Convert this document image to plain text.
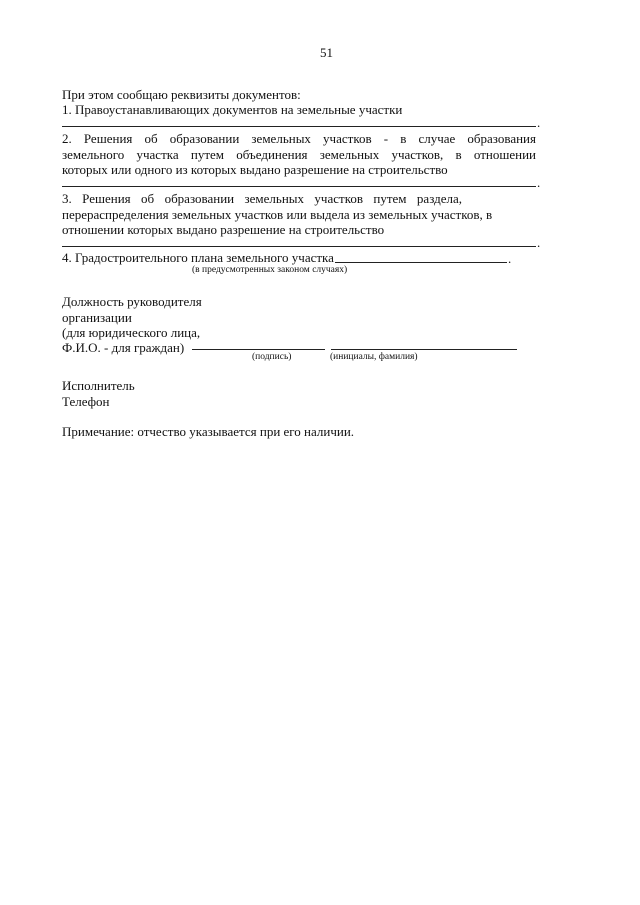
51
При этом сообщаю реквизиты документов:
1. Правоустанавливающих документов на земельные участки
.
2. Решения об образовании земельных участков - в случае образования
земельного участка путем объединения земельных участков, в отношении
которых или одного из которых выдано разрешение на строительство
.
3. Решения об образовании земельных участков путем раздела,
перераспределения земельных участков или выдела из земельных участков, в
отношении которых выдано разрешение на строительство
.
4. Градостроительного плана земельного участка	.
(в предусмотренных законом случаях)
Должность руководителя
организации
(для юридического лица,
Ф.И.О. - для граждан)
(подпись)	(инициалы, фамилия)
Исполнитель
Телефон
Примечание: отчество указывается при его наличии.
